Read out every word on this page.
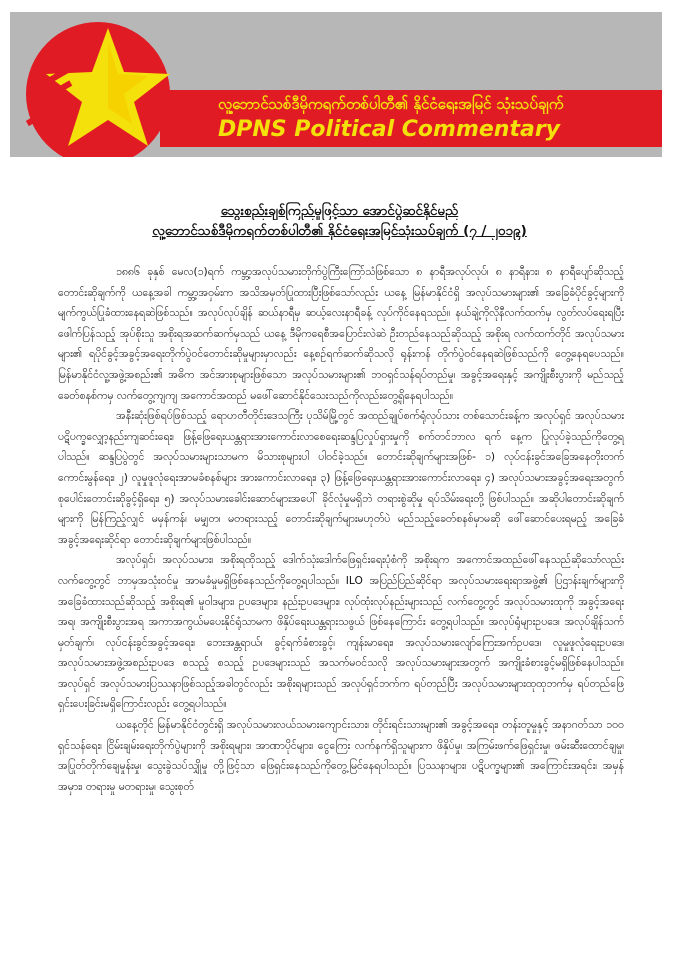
လူ့ဘောင်သစ်ဒီမိုကရက်တစ်ပါတီ၏ နိုင်ငံရေးအမြင် သုံးသပ်ချက်
DPNS Political Commentary
သွေးစည်းချစ်ကြည်မှုဖြင့်သာ အောင်ပွဲဆင်နိုင်မည်
လူ့ဘောင်သစ်ဒီမိုကရက်တစ်ပါတီ၏ နိုင်ငံရေးအမြင်သုံးသပ်ချက် (၇ / ၂၀၁၉)

၁၈၈၆ ခုနှစ် မေလ(၁)ရက် ကမ္ဘာ့အလုပ်သမားတိုက်ပွဲကြီးကြော်သံဖြစ်သော ၈ နာရီအလုပ်လုပ်၊ ၈ နာရီနား၊ ၈ နာရီပျော်ဆိုသည့် တောင်းဆိုချက်ကို ယနေ့အခါ ကမ္ဘာ့အဝှမ်းက အသိအမှတ်ပြုထားပြီးဖြစ်သော်လည်း ယနေ့ မြန်မာနိုင်ငံရှိ အလုပ်သမားများ၏ အခြေခံပိုင်ခွင့်များကို မျက်ကွယ်ပြုခံထားနေရဆဲဖြစ်သည်။ အလုပ်လုပ်ချိန် ဆယ်နာရီမှ ဆယ့်လေးနာရီခန့် လုပ်ကိုင်နေရသည်။ နယ်ချဲ့ကိုလိုနီလက်ထက်မှ လွတ်လပ်ရေးရပြီး ဖေါက်ပြန်သည့် အုပ်စိုးသူ အစိုးရအဆက်ဆက်မှသည် ယနေ့ ဒီမိုကရေစီအပြောင်းလဲဆဲ ဦးတည်နေသည်ဆိုသည့် အစိုးရ လက်ထက်တိုင် အလုပ်သမားများ၏ ရပိုင်ခွင့်အခွင့်အရေးတိုက်ပွဲဝင်တောင်းဆိုမှုများမှာလည်း နေ့စဉ်ရက်ဆက်ဆိုသလို ရုန်းကန် တိုက်ပွဲဝင်နေရဆဲဖြစ်သည်ကို တွေ့နေရပေသည်။ မြန်မာနိုင်ငံလူ့အဖွဲ့အစည်း၏ အဓိက အင်အားစုများဖြစ်သော အလုပ်သမားများ၏ ဘဝရှင်သန်ရပ်တည်မှု၊ အခွင့်အရေးနှင့် အကျိုးစီးပွားကို မည်သည့် ခေတ်စနစ်ကမှ လက်တွေ့ကျကျ အကောင်အထည် မဖေါ်ဆောင်နိုင်သေးသည်ကိုလည်းတွေ့ရှိနေရပါသည်။

အနီးဆုံးဖြစ်ရပ်ဖြစ်သည့် ရောဟတီတိုင်းဒေသကြီး ပုသိမ်မြို့တွင် အထည်ချုပ်စက်ရုံလုပ်သား တစ်သောင်းခန့်က အလုပ်ရှင် အလုပ်သမား ပဋိပက္ခလျှော့နည်းကျဆင်းရေး၊ ဖြန့်ဖြေရေးယန္တရားအားကောင်းလာစေရေးဆန္ဒပြလှုပ်ရှားမှုကို စက်တင်ဘာလ ရက် နေ့က ပြုလုပ်ခဲ့သည်ကိုတွေ့ရပါသည်။ ဆန္ဒပြပွဲတွင် အလုပ်သမားများသာမက မိသားစုများပါ ပါဝင်ခဲ့သည်။ တောင်းဆိုချက်များအဖြစ်- ၁) လုပ်ငန်းခွင်အခြေအနေတိုးတက်ကောင်းမွန်ရေး၊ ၂) လူမှုဖူလုံရေးအာမခံစနစ်များ အားကောင်းလာရေး၊ ၃) ဖြန့်ဖြေရေးယန္တရားအားကောင်းလာရေး၊ ၄) အလုပ်သမားအခွင့်အရေးအတွက် စုပေါင်းတောင်းဆိုခွင့်ရှိရေး၊ ၅) အလုပ်သမားခေါင်းဆောင်များအပေါ် ခိုင်လုံမှုမရှိဘဲ တရားစွဲဆိုမှု ရပ်သိမ်းရေးတို့ ဖြစ်ပါသည်။ အဆိုပါတောင်းဆိုချက်များကို မြန်ကြည့်လျှင် မမှန်ကန်၊ မမျှတ၊ မတရားသည့် တောင်းဆိုချက်များမဟုတ်ပဲ မည်သည့်ခေတ်စနစ်မှာမဆို ဖေါ်ဆောင်ပေးရမည့် အခြေခံအခွင့်အရေးဆိုင်ရာ တောင်းဆိုချက်များဖြစ်ပါသည်။

အလုပ်ရှင်၊ အလုပ်သမား၊ အစိုးရထိုသည့် ဒေါက်သုံးဒေါက်ဖြေရှင်းရေးပုံစံကို အစိုးရက အကောင်အထည်ဖေါ်နေသည်ဆိုသော်လည်း လက်တွေ့တွင် ဘာမှအသုံးဝင်မှု အာမခံမှုမရှိဖြစ်နေသည်ကိုတွေ့ရပါသည်။ ILO အပြည်ပြည်ဆိုင်ရာ အလုပ်သမားရေးရာအဖွဲ့၏ ပြဌာန်းချက်များကို အခြေခံထားသည်ဆိုသည့် အစိုးရ၏ မူဝါဒများ၊ ဥပဒေများ၊ နည်းဥပဒေများ၊ လုပ်ထုံးလုပ်နည်းများသည် လက်တွေ့တွင် အလုပ်သမားထုကို အခွင့်အရေးအရ၊ အကျိုးစီးပွားအရ အကာအကွယ်မပေးနိုင်ရုံသာမက ဖိနှိပ်ရေးယန္တရားသဖွယ် ဖြစ်နေကြောင်း တွေ့ရပါသည်။ အလုပ်ရုံများဥပဒေ၊ အလုပ်ချိန်သက်မှတ်ချက်၊ လုပ်ငန်းခွင်အခွင့်အရေး၊ ဘေးအန္တရာယ်၊ ခွင့်ရက်ခံစားခွင့်၊ ကျန်းမာရေး၊ အလုပ်သမားလျော်ကြေးအက်ဥပဒေ၊ လူမှုဖူလုံရေးဥပဒေ၊ အလုပ်သမားအဖွဲ့အစည်းဥပဒေ စသည့် စသည့် ဥပဒေများသည် အသက်မဝင်သလို အလုပ်သမားများအတွက် အကျိုးခံစားခွင့်မရှိဖြစ်နေပါသည်။ အလုပ်ရှင် အလုပ်သမားပြဿနာဖြစ်သည့်အခါတွင်လည်း အစိုးရများသည် အလုပ်ရှင်ဘက်က ရပ်တည်ပြီး အလုပ်သမားများထုထုဘက်မှ ရပ်တည်ဖြေရှင်းပေးခြင်းမရှိကြောင်းလည်း တွေ့ရပါသည်။

ယနေ့တိုင် မြန်မာနိုင်ငံတွင်းရှိ အလုပ်သမားလယ်သမားကျောင်းသား၊ တိုင်းရင်းသားများ၏ အခွင့်အရေး၊ တန်းတူမှုနှင့် အနာဂတ်သာ ၁၀၀ ရှင်သန်ရေး၊ ငြိမ်းချမ်းရေးတိုက်ပွဲများကို အစိုးရများ၊ အာဏာပိုင်များ၊ ငွေကြေး လက်နက်ရှိသူများက ဖိနှိပ်မှု၊ အကြမ်းဖက်ဖြေရှင်းမှု၊ ဖမ်းဆီးထောင်ချမှု၊ အပြုတ်တိုက်ချေမှုန်းမှု၊ သွေးခွဲသပ်သျှိုမှု တို့ဖြင့်သာ ဖြေရှင်းနေသည်ကိုတွေ့မြင်နေရပါသည်။ ပြဿနာများ၊ ပဋိပက္ခများ၏ အကြောင်းအရင်း၊ အမှန် အမှား၊ တရားမှု မတရားမှု၊ သွေးစုတ်
